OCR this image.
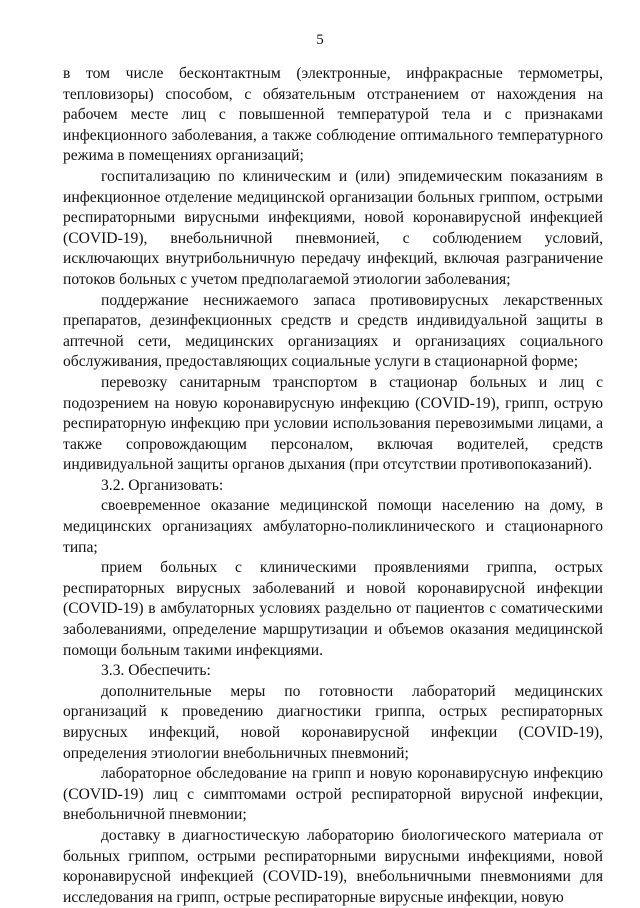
5

в том числе бесконтактным (электронные, инфракрасные термометры, тепловизоры) способом, с обязательным отстранением от нахождения на рабочем месте лиц с повышенной температурой тела и с признаками инфекционного заболевания, а также соблюдение оптимального температурного режима в помещениях организаций;

госпитализацию по клиническим и (или) эпидемическим показаниям в инфекционное отделение медицинской организации больных гриппом, острыми респираторными вирусными инфекциями, новой коронавирусной инфекцией (COVID-19), внебольничной пневмонией, с соблюдением условий, исключающих внутрибольничную передачу инфекций, включая разграничение потоков больных с учетом предполагаемой этиологии заболевания;

поддержание неснижаемого запаса противовирусных лекарственных препаратов, дезинфекционных средств и средств индивидуальной защиты в аптечной сети, медицинских организациях и организациях социального обслуживания, предоставляющих социальные услуги в стационарной форме;

перевозку санитарным транспортом в стационар больных и лиц с подозрением на новую коронавирусную инфекцию (COVID-19), грипп, острую респираторную инфекцию при условии использования перевозимыми лицами, а также сопровождающим персоналом, включая водителей, средств индивидуальной защиты органов дыхания (при отсутствии противопоказаний).

3.2. Организовать:

своевременное оказание медицинской помощи населению на дому, в медицинских организациях амбулаторно-поликлинического и стационарного типа;

прием больных с клиническими проявлениями гриппа, острых респираторных вирусных заболеваний и новой коронавирусной инфекции (COVID-19) в амбулаторных условиях раздельно от пациентов с соматическими заболеваниями, определение маршрутизации и объемов оказания медицинской помощи больным такими инфекциями.

3.3. Обеспечить:

дополнительные меры по готовности лабораторий медицинских организаций к проведению диагностики гриппа, острых респираторных вирусных инфекций, новой коронавирусной инфекции (COVID-19), определения этиологии внебольничных пневмоний;

лабораторное обследование на грипп и новую коронавирусную инфекцию (COVID-19) лиц с симптомами острой респираторной вирусной инфекции, внебольничной пневмонии;

доставку в диагностическую лабораторию биологического материала от больных гриппом, острыми респираторными вирусными инфекциями, новой коронавирусной инфекцией (COVID-19), внебольничными пневмониями для исследования на грипп, острые респираторные вирусные инфекции, новую
